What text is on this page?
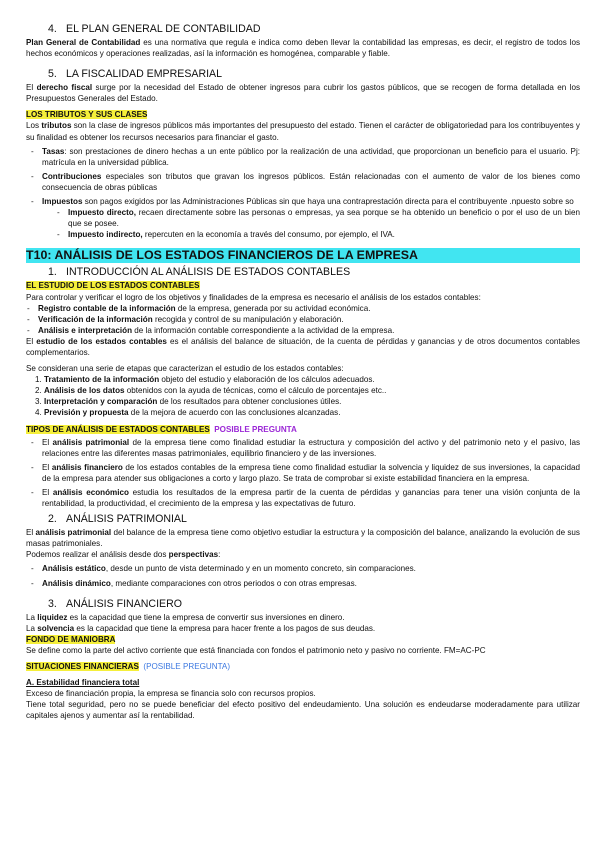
4. EL PLAN GENERAL DE CONTABILIDAD

Plan General de Contabilidad es una normativa que regula e indica como deben llevar la contabilidad las empresas, es decir, el registro de todos los hechos económicos y operaciones realizadas, así la información es homogénea, comparable y fiable.

5. LA FISCALIDAD EMPRESARIAL

El derecho fiscal surge por la necesidad del Estado de obtener ingresos para cubrir los gastos públicos, que se recogen de forma detallada en los Presupuestos Generales del Estado.

LOS TRIBUTOS Y SUS CLASES

Los tributos son la clase de ingresos públicos más importantes del presupuesto del estado. Tienen el carácter de obligatoriedad para los contribuyentes y su finalidad es obtener los recursos necesarios para financiar el gasto.

- Tasas: son prestaciones de dinero hechas a un ente público por la realización de una actividad, que proporcionan un beneficio para el usuario. Pj: matrícula en la universidad pública.
- Contribuciones especiales son tributos que gravan los ingresos públicos. Están relacionadas con el aumento de valor de los bienes como consecuencia de obras públicas
- Impuestos son pagos exigidos por las Administraciones Públicas sin que haya una contraprestación directa para el contribuyente .npuesto sobre so
- Impuesto directo, recaen directamente sobre las personas o empresas, ya sea porque se ha obtenido un beneficio o por el uso de un bien que se posee.
- Impuesto indirecto, repercuten en la economía a través del consumo, por ejemplo, el IVA.
T10: ANÁLISIS DE LOS ESTADOS FINANCIEROS DE LA EMPRESA
1. INTRODUCCIÓN AL ANÁLISIS DE ESTADOS CONTABLES

EL ESTUDIO DE LOS ESTADOS CONTABLES

Para controlar y verificar el logro de los objetivos y finalidades de la empresa es necesario el análisis de los estados contables:

- Registro contable de la información de la empresa, generada por su actividad económica.
- Verificación de la información recogida y control de su manipulación y elaboración.
- Análisis e interpretación de la información contable correspondiente a la actividad de la empresa.

El estudio de los estados contables es el análisis del balance de situación, de la cuenta de pérdidas y ganancias y de otros documentos contables complementarios.

Se consideran una serie de etapas que caracterizan el estudio de los estados contables:

1. Tratamiento de la información objeto del estudio y elaboración de los cálculos adecuados.
2. Análisis de los datos obtenidos con la ayuda de técnicas, como el cálculo de porcentajes etc..
3. Interpretación y comparación de los resultados para obtener conclusiones útiles.
4. Previsión y propuesta de la mejora de acuerdo con las conclusiones alcanzadas.

TIPOS DE ANÁLISIS DE ESTADOS CONTABLES POSIBLE PREGUNTA

- El análisis patrimonial de la empresa tiene como finalidad estudiar la estructura y composición del activo y del patrimonio neto y el pasivo, las relaciones entre las diferentes masas patrimoniales, equilibrio financiero y de las inversiones.
- El análisis financiero de los estados contables de la empresa tiene como finalidad estudiar la solvencia y liquidez de sus inversiones, la capacidad de la empresa para atender sus obligaciones a corto y largo plazo. Se trata de comprobar si existe estabilidad financiera en la empresa.
- El análisis económico estudia los resultados de la empresa partir de la cuenta de pérdidas y ganancias para tener una visión conjunta de la rentabilidad, la productividad, el crecimiento de la empresa y las expectativas de futuro.
2. ANÁLISIS PATRIMONIAL

El análisis patrimonial del balance de la empresa tiene como objetivo estudiar la estructura y la composición del balance, analizando la evolución de sus masas patrimoniales.

Podemos realizar el análisis desde dos perspectivas:

- Análisis estático, desde un punto de vista determinado y en un momento concreto, sin comparaciones.
- Análisis dinámico, mediante comparaciones con otros periodos o con otras empresas.
3. ANÁLISIS FINANCIERO

La liquidez es la capacidad que tiene la empresa de convertir sus inversiones en dinero.

La solvencia es la capacidad que tiene la empresa para hacer frente a los pagos de sus deudas.

FONDO DE MANIOBRA

Se define como la parte del activo corriente que está financiada con fondos el patrimonio neto y pasivo no corriente. FM=AC-PC

SITUACIONES FINANCIERAS (POSIBLE PREGUNTA)

A. Estabilidad financiera total

Exceso de financiación propia, la empresa se financia solo con recursos propios.

Tiene total seguridad, pero no se puede beneficiar del efecto positivo del endeudamiento. Una solución es endeudarse moderadamente para utilizar capitales ajenos y aumentar así la rentabilidad.
